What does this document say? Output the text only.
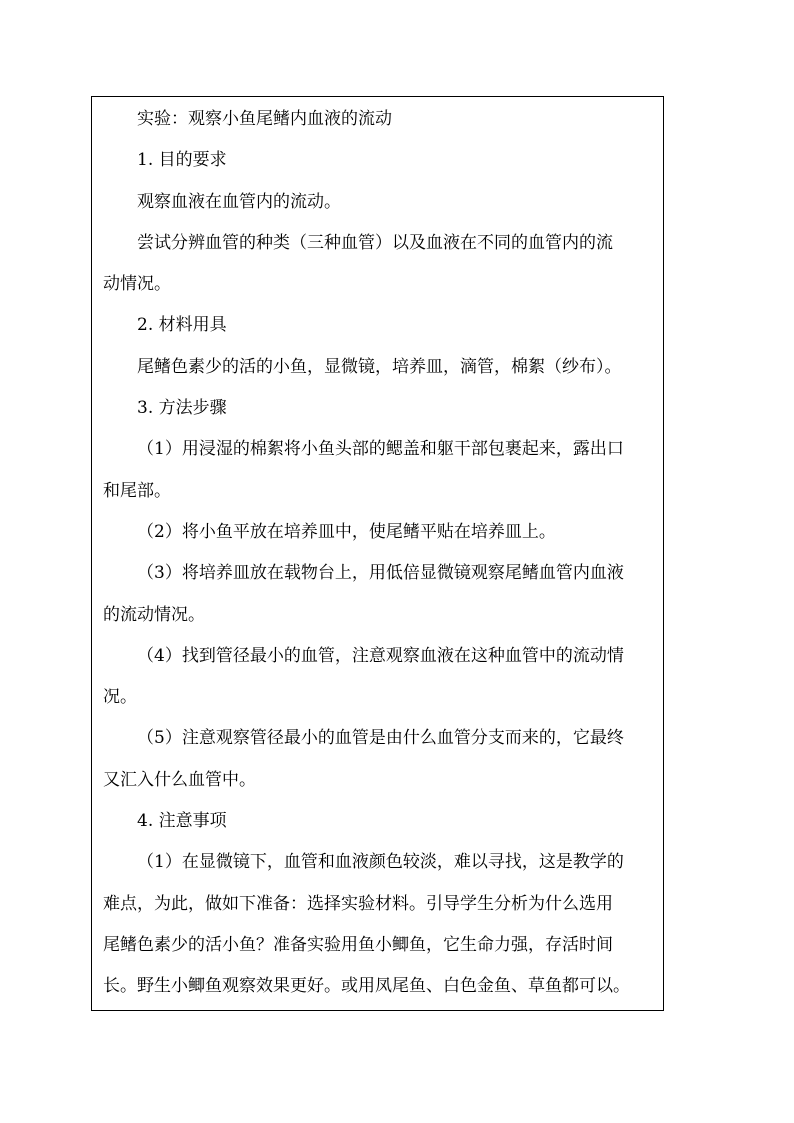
实验：观察小鱼尾鳍内血液的流动
1. 目的要求
观察血液在血管内的流动。
尝试分辨血管的种类（三种血管）以及血液在不同的血管内的流
动情况。
2. 材料用具
尾鳍色素少的活的小鱼，显微镜，培养皿，滴管，棉絮（纱布）。
3. 方法步骤
（1）用浸湿的棉絮将小鱼头部的鳃盖和躯干部包裹起来，露出口
和尾部。
（2）将小鱼平放在培养皿中，使尾鳍平贴在培养皿上。
（3）将培养皿放在载物台上，用低倍显微镜观察尾鳍血管内血液
的流动情况。
（4）找到管径最小的血管，注意观察血液在这种血管中的流动情
况。
（5）注意观察管径最小的血管是由什么血管分支而来的，它最终
又汇入什么血管中。
4. 注意事项
（1）在显微镜下，血管和血液颜色较淡，难以寻找，这是教学的
难点，为此，做如下准备：选择实验材料。引导学生分析为什么选用
尾鳍色素少的活小鱼？准备实验用鱼小鲫鱼，它生命力强，存活时间
长。野生小鲫鱼观察效果更好。或用凤尾鱼、白色金鱼、草鱼都可以。
